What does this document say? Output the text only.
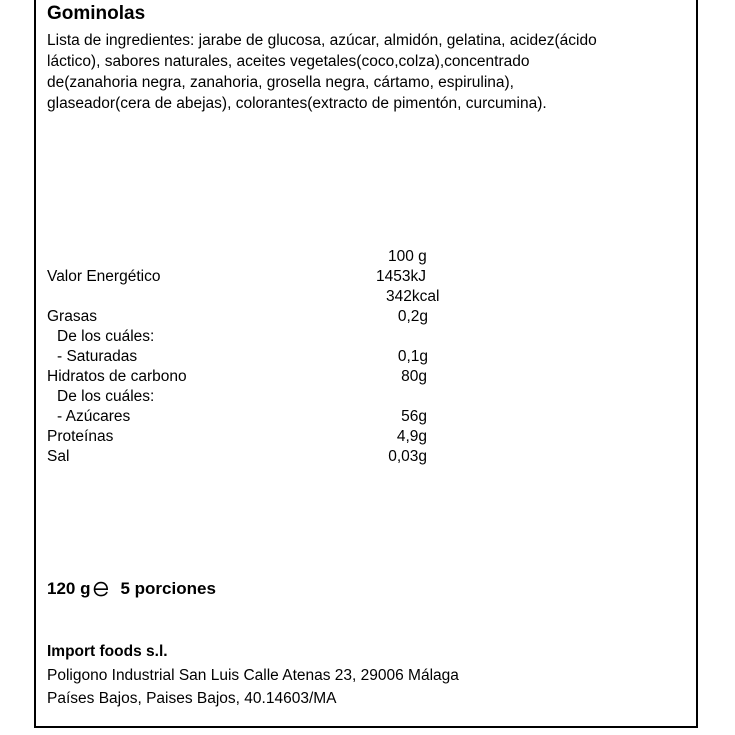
Gominolas
Lista de ingredientes: jarabe de glucosa, azúcar, almidón, gelatina, acidez(ácido
láctico), sabores naturales, aceites vegetales(coco,colza),concentrado
de(zanahoria negra, zanahoria, grosella negra, cártamo, espirulina),
glaseador(cera de abejas), colorantes(extracto de pimentón, curcumina).
100 g
Valor Energético	1453kJ
342kcal
Grasas	0,2g
De los cuáles:
- Saturadas	0,1g
Hidratos de carbono	80g
De los cuáles:
- Azúcares	56g
Proteínas	4,9g
Sal	0,03g
120 g 5 porciones
Import foods s.l.
Poligono Industrial San Luis Calle Atenas 23, 29006 Málaga
Países Bajos, Paises Bajos, 40.14603/MA
